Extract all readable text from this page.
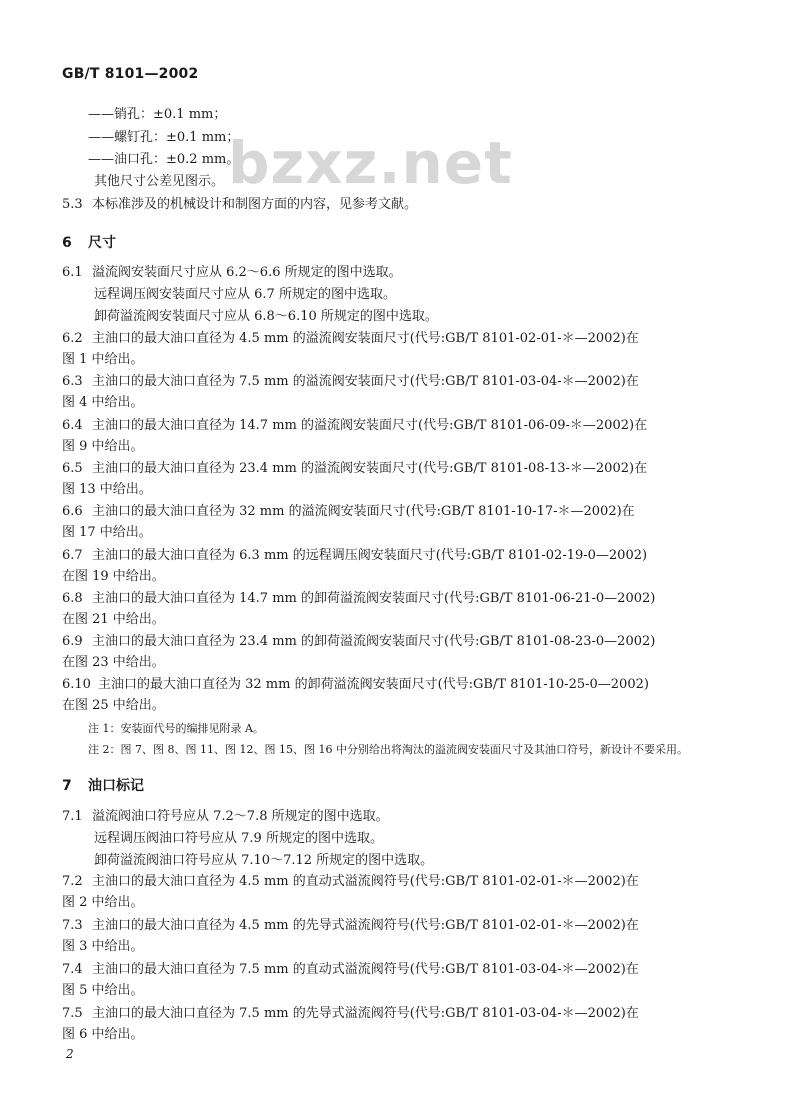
GB/T 8101—2002
bzxz.net
——销孔：±0.1 mm；
——螺钉孔：±0.1 mm；
——油口孔：±0.2 mm。
其他尺寸公差见图示。
5.3 本标准涉及的机械设计和制图方面的内容，见参考文献。
6 尺寸
6.1 溢流阀安装面尺寸应从 6.2～6.6 所规定的图中选取。
远程调压阀安装面尺寸应从 6.7 所规定的图中选取。
卸荷溢流阀安装面尺寸应从 6.8～6.10 所规定的图中选取。
6.2 主油口的最大油口直径为 4.5 mm 的溢流阀安装面尺寸(代号:GB/T 8101-02-01-＊—2002)在
图 1 中给出。
6.3 主油口的最大油口直径为 7.5 mm 的溢流阀安装面尺寸(代号:GB/T 8101-03-04-＊—2002)在
图 4 中给出。
6.4 主油口的最大油口直径为 14.7 mm 的溢流阀安装面尺寸(代号:GB/T 8101-06-09-＊—2002)在
图 9 中给出。
6.5 主油口的最大油口直径为 23.4 mm 的溢流阀安装面尺寸(代号:GB/T 8101-08-13-＊—2002)在
图 13 中给出。
6.6 主油口的最大油口直径为 32 mm 的溢流阀安装面尺寸(代号:GB/T 8101-10-17-＊—2002)在
图 17 中给出。
6.7 主油口的最大油口直径为 6.3 mm 的远程调压阀安装面尺寸(代号:GB/T 8101-02-19-0—2002)
在图 19 中给出。
6.8 主油口的最大油口直径为 14.7 mm 的卸荷溢流阀安装面尺寸(代号:GB/T 8101-06-21-0—2002)
在图 21 中给出。
6.9 主油口的最大油口直径为 23.4 mm 的卸荷溢流阀安装面尺寸(代号:GB/T 8101-08-23-0—2002)
在图 23 中给出。
6.10 主油口的最大油口直径为 32 mm 的卸荷溢流阀安装面尺寸(代号:GB/T 8101-10-25-0—2002)
在图 25 中给出。
注 1：安装面代号的编排见附录 A。
注 2：图 7、图 8、图 11、图 12、图 15、图 16 中分别给出将淘汰的溢流阀安装面尺寸及其油口符号，新设计不要采用。
7 油口标记
7.1 溢流阀油口符号应从 7.2～7.8 所规定的图中选取。
远程调压阀油口符号应从 7.9 所规定的图中选取。
卸荷溢流阀油口符号应从 7.10～7.12 所规定的图中选取。
7.2 主油口的最大油口直径为 4.5 mm 的直动式溢流阀符号(代号:GB/T 8101-02-01-＊—2002)在
图 2 中给出。
7.3 主油口的最大油口直径为 4.5 mm 的先导式溢流阀符号(代号:GB/T 8101-02-01-＊—2002)在
图 3 中给出。
7.4 主油口的最大油口直径为 7.5 mm 的直动式溢流阀符号(代号:GB/T 8101-03-04-＊—2002)在
图 5 中给出。
7.5 主油口的最大油口直径为 7.5 mm 的先导式溢流阀符号(代号:GB/T 8101-03-04-＊—2002)在
图 6 中给出。
2
